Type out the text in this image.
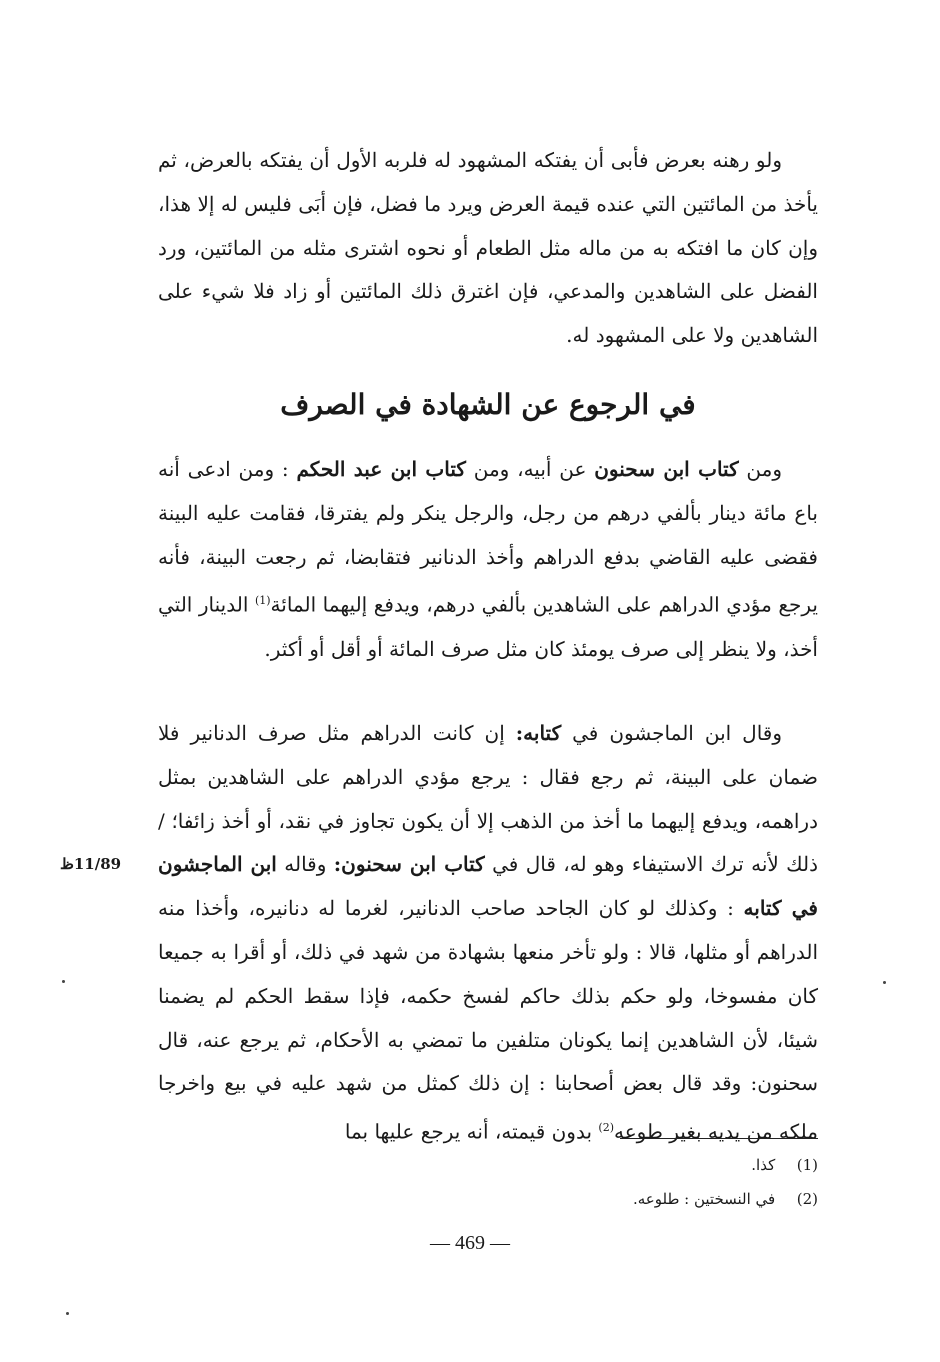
ولو رهنه بعرض فأبى أن يفتكه المشهود له فلربه الأول أن يفتكه بالعرض، ثم يأخذ من المائتين التي عنده قيمة العرض ويرد ما فضل، فإن أبَى فليس له إلا هذا، وإن كان ما افتكه به من ماله مثل الطعام أو نحوه اشترى مثله من المائتين، ورد الفضل على الشاهدين والمدعي، فإن اغترق ذلك المائتين أو زاد فلا شيء على الشاهدين ولا على المشهود له.

في الرجوع عن الشهادة في الصرف

ومن كتاب ابن سحنون عن أبيه، ومن كتاب ابن عبد الحكم : ومن ادعى أنه باع مائة دينار بألفي درهم من رجل، والرجل ينكر ولم يفترقا، فقامت عليه البينة فقضى عليه القاضي بدفع الدراهم وأخذ الدنانير فتقابضا، ثم رجعت البينة، فأنه يرجع مؤدي الدراهم على الشاهدين بألفي درهم، ويدفع إليهما المائة$^{(1)}$ الدينار التي أخذ، ولا ينظر إلى صرف يومئذ كان مثل صرف المائة أو أقل أو أكثر.

وقال ابن الماجشون في كتابه: إن كانت الدراهم مثل صرف الدنانير فلا ضمان على البينة، ثم رجع فقال : يرجع مؤدي الدراهم على الشاهدين بمثل دراهمه، ويدفع إليهما ما أخذ من الذهب إلا أن يكون تجاوز في نقد، أو أخذ زائفا؛ / ذلك لأنه ترك الاستيفاء وهو له، قال في كتاب ابن سحنون: وقاله ابن الماجشون في كتابه : وكذلك لو كان الجاحد صاحب الدنانير، لغرما له دنانيره، وأخذا منه الدراهم أو مثلها، قالا : ولو تأخر منعها بشهادة من شهد في ذلك، أو أقرا به جميعا كان مفسوخا، ولو حكم بذلك حاكم لفسخ حكمه، فإذا سقط الحكم لم يضمنا شيئا، لأن الشاهدين إنما يكونان متلفين ما تمضي به الأحكام، ثم يرجع عنه، قال سحنون: وقد قال بعض أصحابنا : إن ذلك كمثل من شهد عليه في بيع واخرجا ملكه من يديه بغير طوعه$^{(2)}$ بدون قيمته، أنه يرجع عليها بما

11/89ظ
(1) كذا.
(2) في النسختين : طلوعه.
— 469 —
